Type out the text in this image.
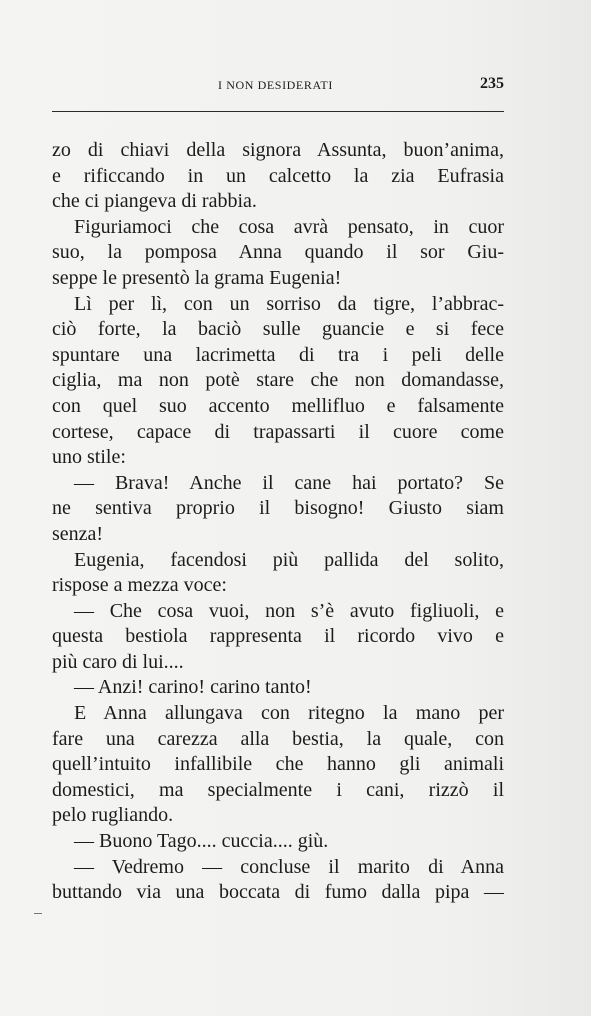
I NON DESIDERATI	235
zo di chiavi della signora Assunta, buon’anima,
e rificcando in un calcetto la zia Eufrasia
che ci piangeva di rabbia.
Figuriamoci che cosa avrà pensato, in cuor
suo, la pomposa Anna quando il sor Giu-
seppe le presentò la grama Eugenia!
Lì per lì, con un sorriso da tigre, l’abbrac-
ciò forte, la baciò sulle guancie e si fece
spuntare una lacrimetta di tra i peli delle
ciglia, ma non potè stare che non domandasse,
con quel suo accento mellifluo e falsamente
cortese, capace di trapassarti il cuore come
uno stile:
— Brava! Anche il cane hai portato? Se
ne sentiva proprio il bisogno! Giusto siam
senza!
Eugenia, facendosi più pallida del solito,
rispose a mezza voce:
— Che cosa vuoi, non s’è avuto figliuoli, e
questa bestiola rappresenta il ricordo vivo e
più caro di lui....
— Anzi! carino! carino tanto!
E Anna allungava con ritegno la mano per
fare una carezza alla bestia, la quale, con
quell’intuito infallibile che hanno gli animali
domestici, ma specialmente i cani, rizzò il
pelo rugliando.
— Buono Tago.... cuccia.... giù.
— Vedremo — concluse il marito di Anna
buttando via una boccata di fumo dalla pipa —
